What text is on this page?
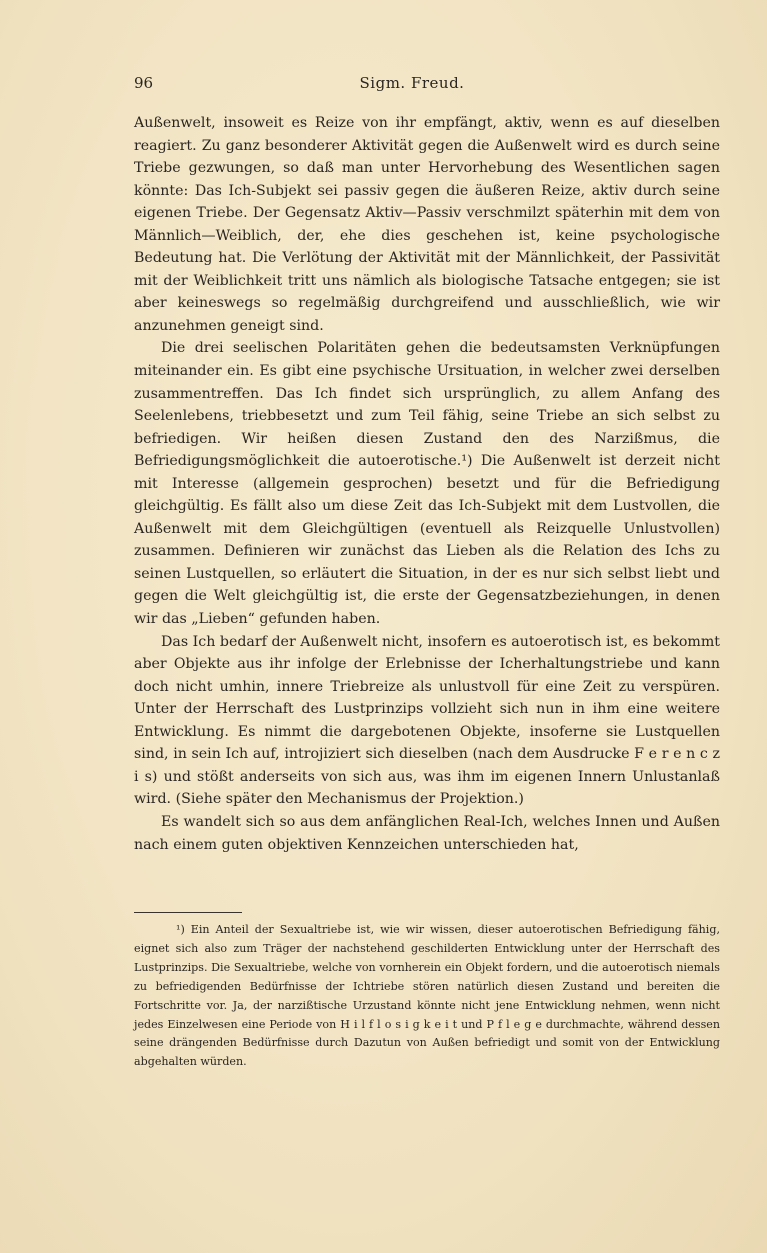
96	Sigm. Freud.

Außenwelt, insoweit es Reize von ihr empfängt, aktiv, wenn es auf dieselben reagiert. Zu ganz besonderer Aktivität gegen die Außenwelt wird es durch seine Triebe gezwungen, so daß man unter Hervorhebung des Wesentlichen sagen könnte: Das Ich-Subjekt sei passiv gegen die äußeren Reize, aktiv durch seine eigenen Triebe. Der Gegensatz Aktiv—Passiv verschmilzt späterhin mit dem von Männlich—Weiblich, der, ehe dies geschehen ist, keine psychologische Bedeutung hat. Die Verlötung der Aktivität mit der Männlichkeit, der Passivität mit der Weiblichkeit tritt uns nämlich als biologische Tatsache entgegen; sie ist aber keineswegs so regelmäßig durchgreifend und ausschließlich, wie wir anzunehmen geneigt sind.

Die drei seelischen Polaritäten gehen die bedeutsamsten Verknüpfungen miteinander ein. Es gibt eine psychische Ursituation, in welcher zwei derselben zusammentreffen. Das Ich findet sich ursprünglich, zu allem Anfang des Seelenlebens, triebbesetzt und zum Teil fähig, seine Triebe an sich selbst zu befriedigen. Wir heißen diesen Zustand den des Narzißmus, die Befriedigungsmöglichkeit die autoerotische.¹) Die Außenwelt ist derzeit nicht mit Interesse (allgemein gesprochen) besetzt und für die Befriedigung gleichgültig. Es fällt also um diese Zeit das Ich-Subjekt mit dem Lustvollen, die Außenwelt mit dem Gleichgültigen (eventuell als Reizquelle Unlustvollen) zusammen. Definieren wir zunächst das Lieben als die Relation des Ichs zu seinen Lustquellen, so erläutert die Situation, in der es nur sich selbst liebt und gegen die Welt gleichgültig ist, die erste der Gegensatzbeziehungen, in denen wir das „Lieben“ gefunden haben.

Das Ich bedarf der Außenwelt nicht, insofern es autoerotisch ist, es bekommt aber Objekte aus ihr infolge der Erlebnisse der Icherhaltungstriebe und kann doch nicht umhin, innere Triebreize als unlustvoll für eine Zeit zu verspüren. Unter der Herrschaft des Lustprinzips vollzieht sich nun in ihm eine weitere Entwicklung. Es nimmt die dargebotenen Objekte, insoferne sie Lustquellen sind, in sein Ich auf, introjiziert sich dieselben (nach dem Ausdrucke F e r e n c z i s) und stößt anderseits von sich aus, was ihm im eigenen Innern Unlustanlaß wird. (Siehe später den Mechanismus der Projektion.)

Es wandelt sich so aus dem anfänglichen Real-Ich, welches Innen und Außen nach einem guten objektiven Kennzeichen unterschieden hat,

¹) Ein Anteil der Sexualtriebe ist, wie wir wissen, dieser autoerotischen Befriedigung fähig, eignet sich also zum Träger der nachstehend geschilderten Entwicklung unter der Herrschaft des Lustprinzips. Die Sexualtriebe, welche von vornherein ein Objekt fordern, und die autoerotisch niemals zu befriedigenden Bedürfnisse der Ichtriebe stören natürlich diesen Zustand und bereiten die Fortschritte vor. Ja, der narzißtische Urzustand könnte nicht jene Entwicklung nehmen, wenn nicht jedes Einzelwesen eine Periode von H i l f l o s i g k e i t und P f l e g e durchmachte, während dessen seine drängenden Bedürfnisse durch Dazutun von Außen befriedigt und somit von der Entwicklung abgehalten würden.
